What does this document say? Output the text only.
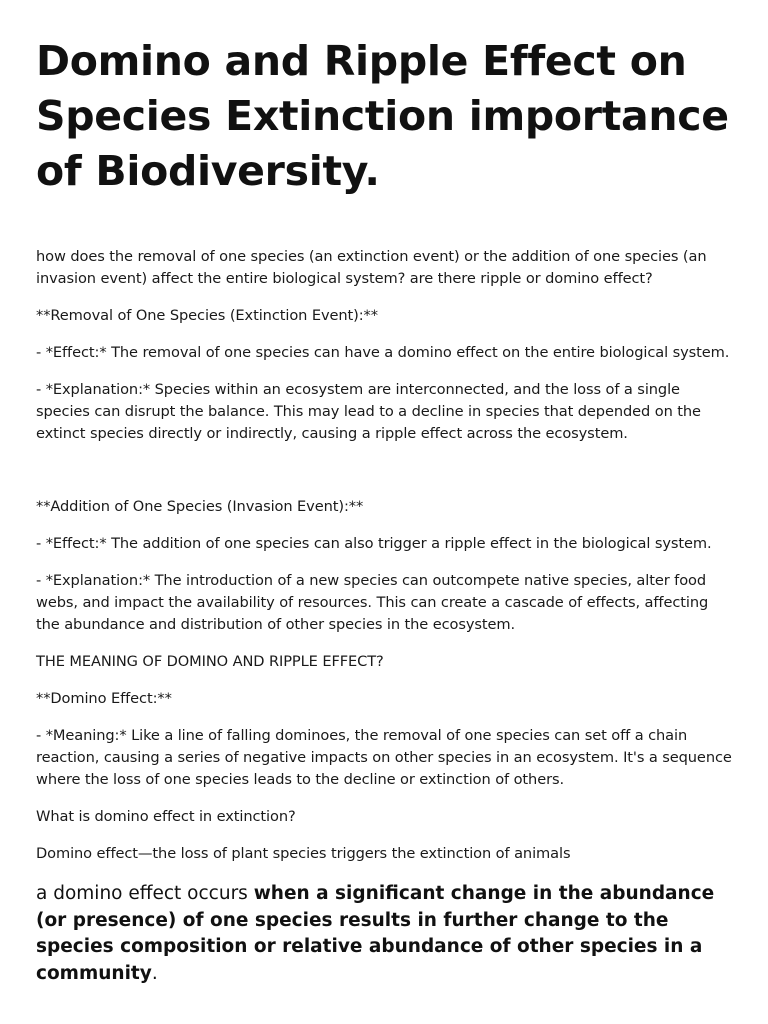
Domino and Ripple Effect on Species Extinction importance of Biodiversity.

how does the removal of one species (an extinction event) or the addition of one species (an invasion event) affect the entire biological system? are there ripple or domino effect?

**Removal of One Species (Extinction Event):**

- *Effect:* The removal of one species can have a domino effect on the entire biological system.

- *Explanation:* Species within an ecosystem are interconnected, and the loss of a single species can disrupt the balance. This may lead to a decline in species that depended on the extinct species directly or indirectly, causing a ripple effect across the ecosystem.

**Addition of One Species (Invasion Event):**

- *Effect:* The addition of one species can also trigger a ripple effect in the biological system.

- *Explanation:* The introduction of a new species can outcompete native species, alter food webs, and impact the availability of resources. This can create a cascade of effects, affecting the abundance and distribution of other species in the ecosystem.

THE MEANING OF DOMINO AND RIPPLE EFFECT?

**Domino Effect:**

- *Meaning:* Like a line of falling dominoes, the removal of one species can set off a chain reaction, causing a series of negative impacts on other species in an ecosystem. It's a sequence where the loss of one species leads to the decline or extinction of others.

What is domino effect in extinction?

Domino effect—the loss of plant species triggers the extinction of animals

a domino effect occurs when a significant change in the abundance (or presence) of one species results in further change to the species composition or relative abundance of other species in a community.
